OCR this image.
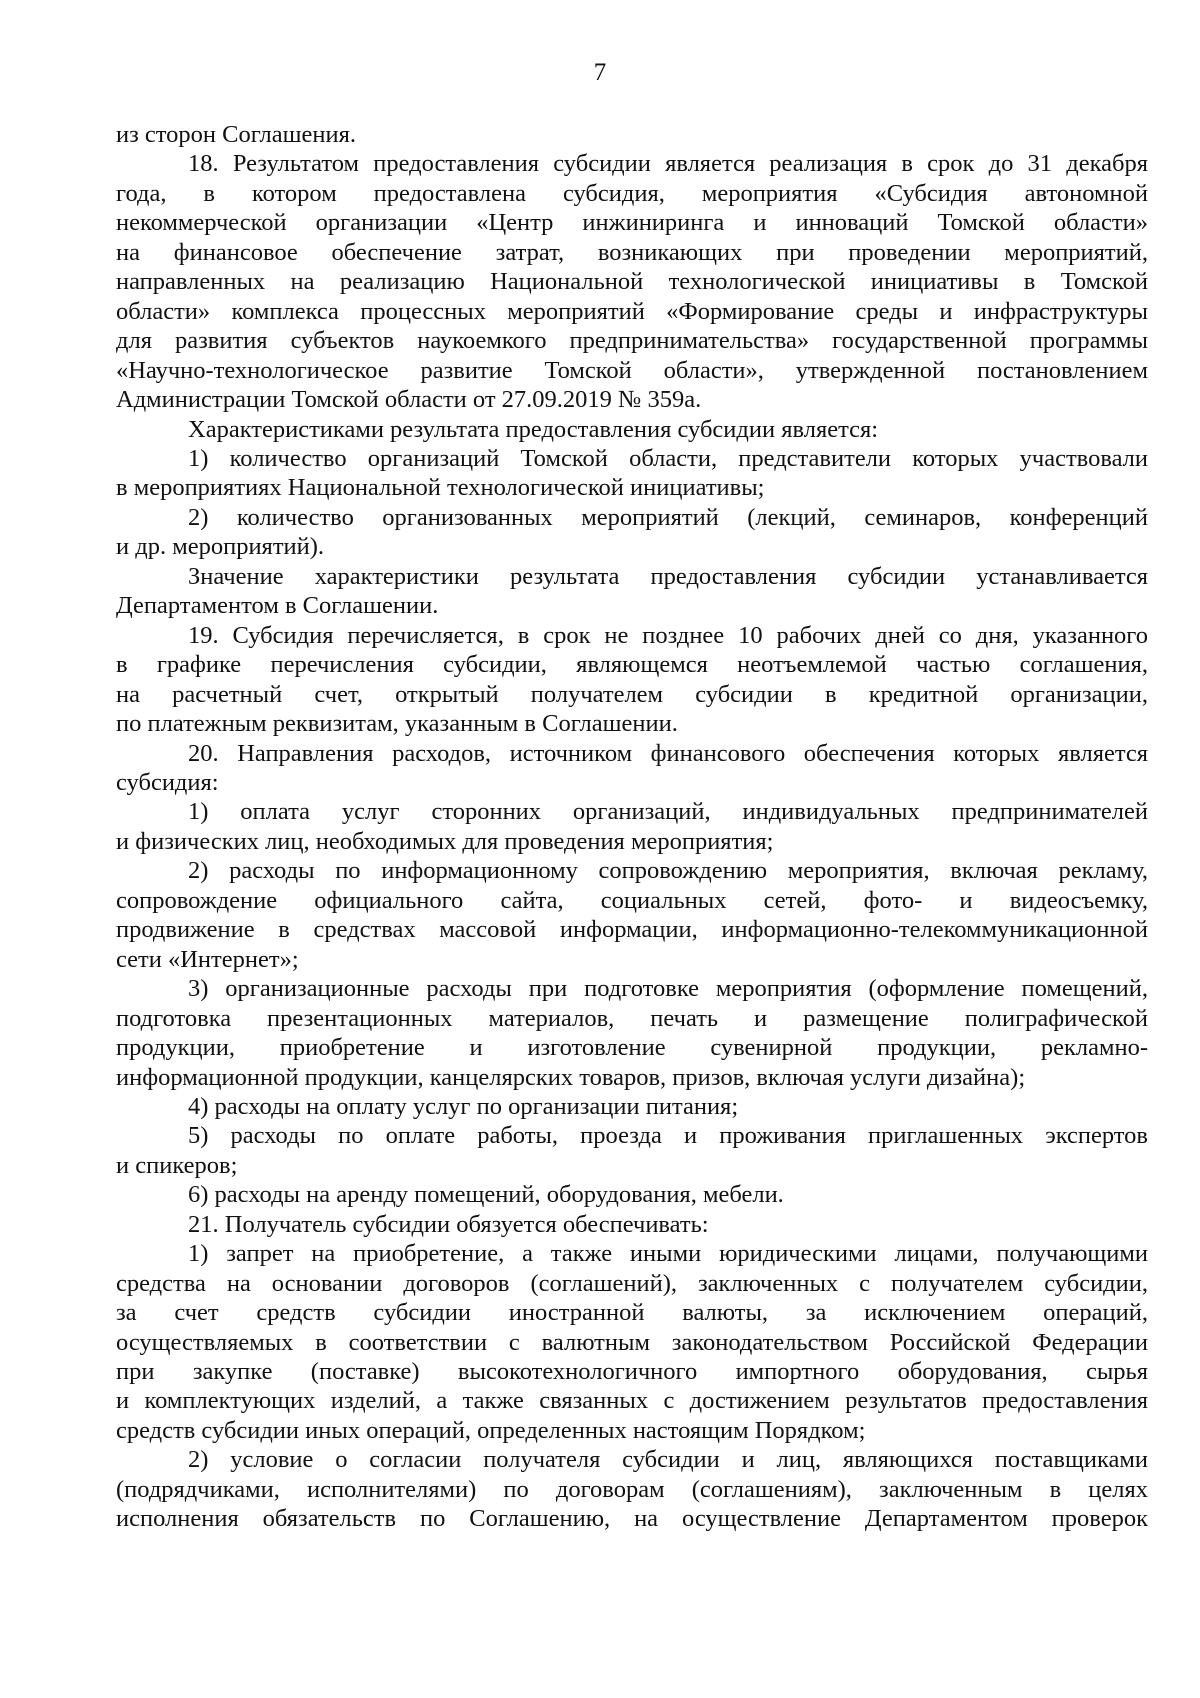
7

из сторон Соглашения.

18. Результатом предоставления субсидии является реализация в срок до 31 декабря

года, в котором предоставлена субсидия, мероприятия «Субсидия автономной

некоммерческой организации «Центр инжиниринга и инноваций Томской области»

на финансовое обеспечение затрат, возникающих при проведении мероприятий,

направленных на реализацию Национальной технологической инициативы в Томской

области» комплекса процессных мероприятий «Формирование среды и инфраструктуры

для развития субъектов наукоемкого предпринимательства» государственной программы

«Научно-технологическое развитие Томской области», утвержденной постановлением

Администрации Томской области от 27.09.2019 № 359а.

Характеристиками результата предоставления субсидии является:

1) количество организаций Томской области, представители которых участвовали

в мероприятиях Национальной технологической инициативы;

2) количество организованных мероприятий (лекций, семинаров, конференций

и др. мероприятий).

Значение характеристики результата предоставления субсидии устанавливается

Департаментом в Соглашении.

19. Субсидия перечисляется, в срок не позднее 10 рабочих дней со дня, указанного

в графике перечисления субсидии, являющемся неотъемлемой частью соглашения,

на расчетный счет, открытый получателем субсидии в кредитной организации,

по платежным реквизитам, указанным в Соглашении.

20. Направления расходов, источником финансового обеспечения которых является

субсидия:

1) оплата услуг сторонних организаций, индивидуальных предпринимателей

и физических лиц, необходимых для проведения мероприятия;

2) расходы по информационному сопровождению мероприятия, включая рекламу,

сопровождение официального сайта, социальных сетей, фото- и видеосъемку,

продвижение в средствах массовой информации, информационно-телекоммуникационной

сети «Интернет»;

3) организационные расходы при подготовке мероприятия (оформление помещений,

подготовка презентационных материалов, печать и размещение полиграфической

продукции, приобретение и изготовление сувенирной продукции, рекламно-

информационной продукции, канцелярских товаров, призов, включая услуги дизайна);

4) расходы на оплату услуг по организации питания;

5) расходы по оплате работы, проезда и проживания приглашенных экспертов

и спикеров;

6) расходы на аренду помещений, оборудования, мебели.

21. Получатель субсидии обязуется обеспечивать:

1) запрет на приобретение, а также иными юридическими лицами, получающими

средства на основании договоров (соглашений), заключенных с получателем субсидии,

за счет средств субсидии иностранной валюты, за исключением операций,

осуществляемых в соответствии с валютным законодательством Российской Федерации

при закупке (поставке) высокотехнологичного импортного оборудования, сырья

и комплектующих изделий, а также связанных с достижением результатов предоставления

средств субсидии иных операций, определенных настоящим Порядком;

2) условие о согласии получателя субсидии и лиц, являющихся поставщиками

(подрядчиками, исполнителями) по договорам (соглашениям), заключенным в целях

исполнения обязательств по Соглашению, на осуществление Департаментом проверок
